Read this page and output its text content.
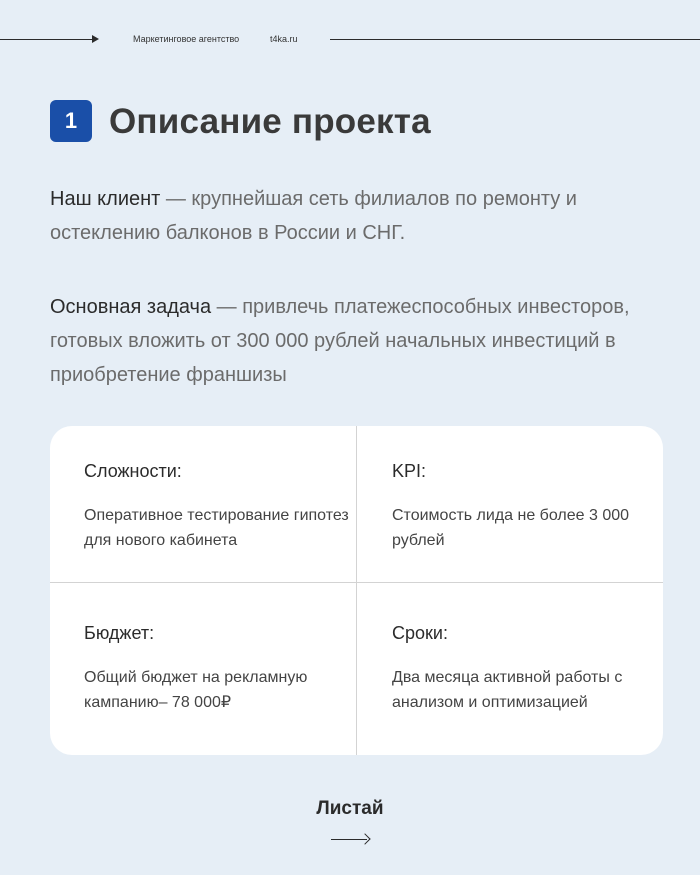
Маркетинговое агентство	t4ka.ru
1 Описание проекта

Наш клиент — крупнейшая сеть филиалов по ремонту и остеклению балконов в России и СНГ.

Основная задача — привлечь платежеспособных инвесторов, готовых вложить от 300 000 рублей начальных инвестиций в приобретение франшизы

Сложности:
Оперативное тестирование гипотез для нового кабинета
KPI:
Стоимость лида не более 3 000 рублей
Бюджет:
Общий бюджет на рекламную кампанию– 78 000₽
Сроки:
Два месяца активной работы с анализом и оптимизацией
Листай
